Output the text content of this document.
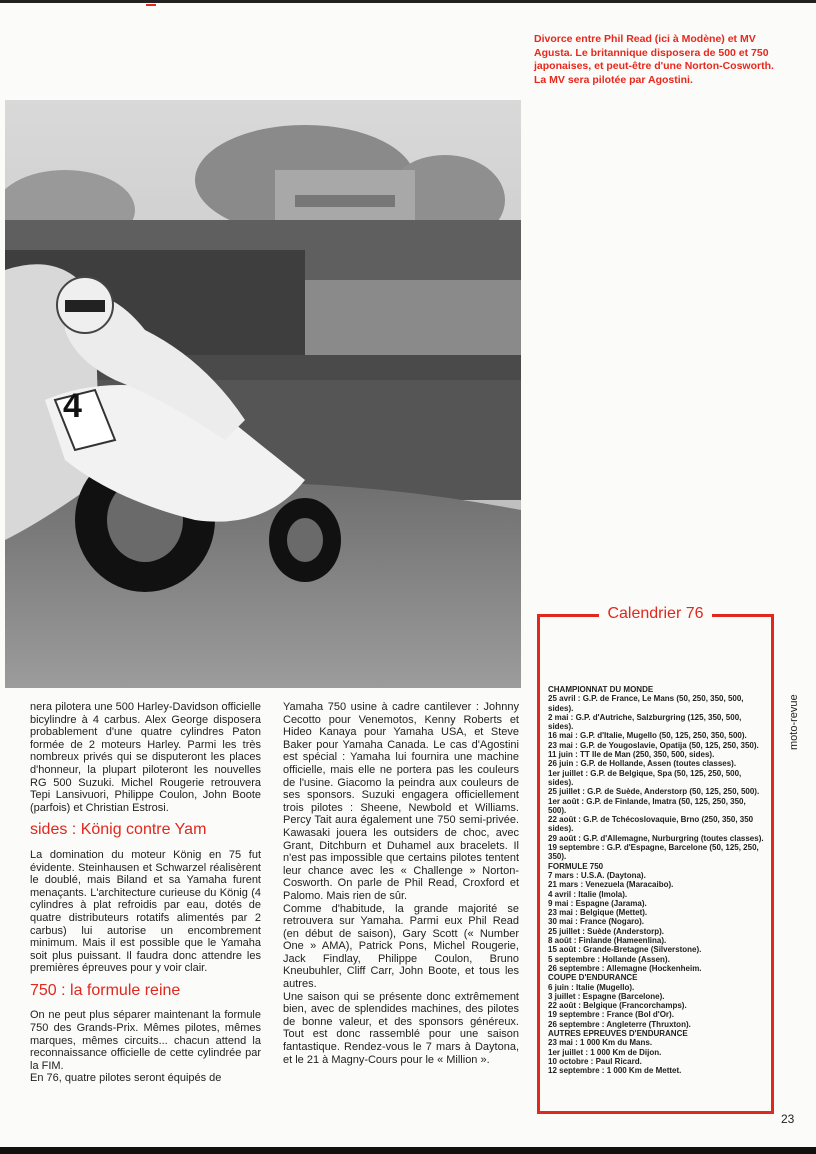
4
Divorce entre Phil Read (ici à Modène) et MV Agusta. Le britannique disposera de 500 et 750 japonaises, et peut-être d'une Norton-Cosworth. La MV sera pilotée par Agostini.

nera pilotera une 500 Harley-Davidson officielle bicylindre à 4 carbus. Alex George disposera probablement d'une quatre cylindres Paton formée de 2 moteurs Harley. Parmi les très nombreux privés qui se disputeront les places d'honneur, la plupart piloteront les nouvelles RG 500 Suzuki. Michel Rougerie retrouvera Tepi Lansivuori, Philippe Coulon, John Boote (parfois) et Christian Estrosi.

sides : König contre Yam

La domination du moteur König en 75 fut évidente. Steinhausen et Schwarzel réalisèrent le doublé, mais Biland et sa Yamaha furent menaçants. L'architecture curieuse du König (4 cylindres à plat refroidis par eau, dotés de quatre distributeurs rotatifs alimentés par 2 carbus) lui autorise un encombrement minimum. Mais il est possible que le Yamaha soit plus puissant. Il faudra donc attendre les premières épreuves pour y voir clair.

750 : la formule reine

On ne peut plus séparer maintenant la formule 750 des Grands-Prix. Mêmes pilotes, mêmes marques, mêmes circuits... chacun attend la reconnaissance officielle de cette cylindrée par la FIM.

En 76, quatre pilotes seront équipés de

Yamaha 750 usine à cadre cantilever : Johnny Cecotto pour Venemotos, Kenny Roberts et Hideo Kanaya pour Yamaha USA, et Steve Baker pour Yamaha Canada. Le cas d'Agostini est spécial : Yamaha lui fournira une machine officielle, mais elle ne portera pas les couleurs de l'usine. Giacomo la peindra aux couleurs de ses sponsors. Suzuki engagera officiellement trois pilotes : Sheene, Newbold et Williams. Percy Tait aura également une 750 semi-privée. Kawasaki jouera les outsiders de choc, avec Grant, Ditchburn et Duhamel aux bracelets. Il n'est pas impossible que certains pilotes tentent leur chance avec les « Challenge » Norton-Cosworth. On parle de Phil Read, Croxford et Palomo. Mais rien de sûr.

Comme d'habitude, la grande majorité se retrouvera sur Yamaha. Parmi eux Phil Read (en début de saison), Gary Scott (« Number One » AMA), Patrick Pons, Michel Rougerie, Jack Findlay, Philippe Coulon, Bruno Kneubuhler, Cliff Carr, John Boote, et tous les autres.

Une saison qui se présente donc extrêmement bien, avec de splendides machines, des pilotes de bonne valeur, et des sponsors généreux. Tout est donc rassemblé pour une saison fantastique. Rendez-vous le 7 mars à Daytona, et le 21 à Magny-Cours pour le « Million ».

Calendrier 76
CHAMPIONNAT DU MONDE
25 avril : G.P. de France, Le Mans (50, 250, 350, 500, sides).
2 mai : G.P. d'Autriche, Salzburgring (125, 350, 500, sides).
16 mai : G.P. d'Italie, Mugello (50, 125, 250, 350, 500).
23 mai : G.P. de Yougoslavie, Opatija (50, 125, 250, 350).
11 juin : TT Ile de Man (250, 350, 500, sides).
26 juin : G.P. de Hollande, Assen (toutes classes).
1er juillet : G.P. de Belgique, Spa (50, 125, 250, 500, sides).
25 juillet : G.P. de Suède, Anderstorp (50, 125, 250, 500).
1er août : G.P. de Finlande, Imatra (50, 125, 250, 350, 500).
22 août : G.P. de Tchécoslovaquie, Brno (250, 350, 350 sides).
29 août : G.P. d'Allemagne, Nurburgring (toutes classes).
19 septembre : G.P. d'Espagne, Barcelone (50, 125, 250, 350).
FORMULE 750
7 mars : U.S.A. (Daytona).
21 mars : Venezuela (Maracaibo).
4 avril : Italie (Imola).
9 mai : Espagne (Jarama).
23 mai : Belgique (Mettet).
30 mai : France (Nogaro).
25 juillet : Suède (Anderstorp).
8 août : Finlande (Hameenlina).
15 août : Grande-Bretagne (Silverstone).
5 septembre : Hollande (Assen).
26 septembre : Allemagne (Hockenheim.
COUPE D'ENDURANCE
6 juin : Italie (Mugello).
3 juillet : Espagne (Barcelone).
22 août : Belgique (Francorchamps).
19 septembre : France (Bol d'Or).
26 septembre : Angleterre (Thruxton).
AUTRES EPREUVES D'ENDURANCE
23 mai : 1 000 Km du Mans.
1er juillet : 1 000 Km de Dijon.
10 octobre : Paul Ricard.
12 septembre : 1 000 Km de Mettet.
moto-revue
23
